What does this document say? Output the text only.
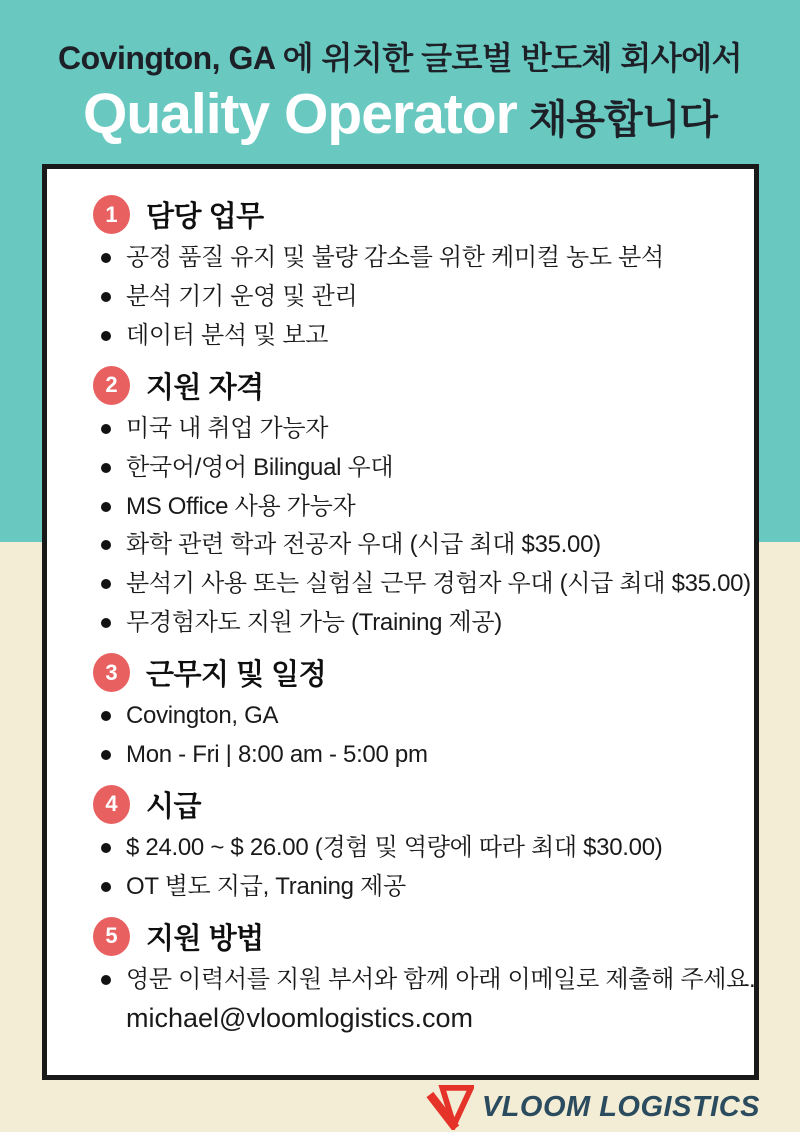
Covington, GA 에 위치한 글로벌 반도체 회사에서
Quality Operator 채용합니다
1 담당 업무
공정 품질 유지 및 불량 감소를 위한 케미컬 농도 분석
분석 기기 운영 및 관리
데이터 분석 및 보고
2 지원 자격
미국 내 취업 가능자
한국어/영어 Bilingual 우대
MS Office 사용 가능자
화학 관련 학과 전공자 우대 (시급 최대 $35.00)
분석기 사용 또는 실험실 근무 경험자 우대 (시급 최대 $35.00)
무경험자도 지원 가능 (Training 제공)
3 근무지 및 일정
Covington, GA
Mon - Fri | 8:00 am - 5:00 pm
4 시급
$ 24.00 ~ $ 26.00 (경험 및 역량에 따라 최대 $30.00)
OT 별도 지급, Traning 제공
5 지원 방법
영문 이력서를 지원 부서와 함께 아래 이메일로 제출해 주세요.
michael@vloomlogistics.com
VLOOM LOGISTICS
